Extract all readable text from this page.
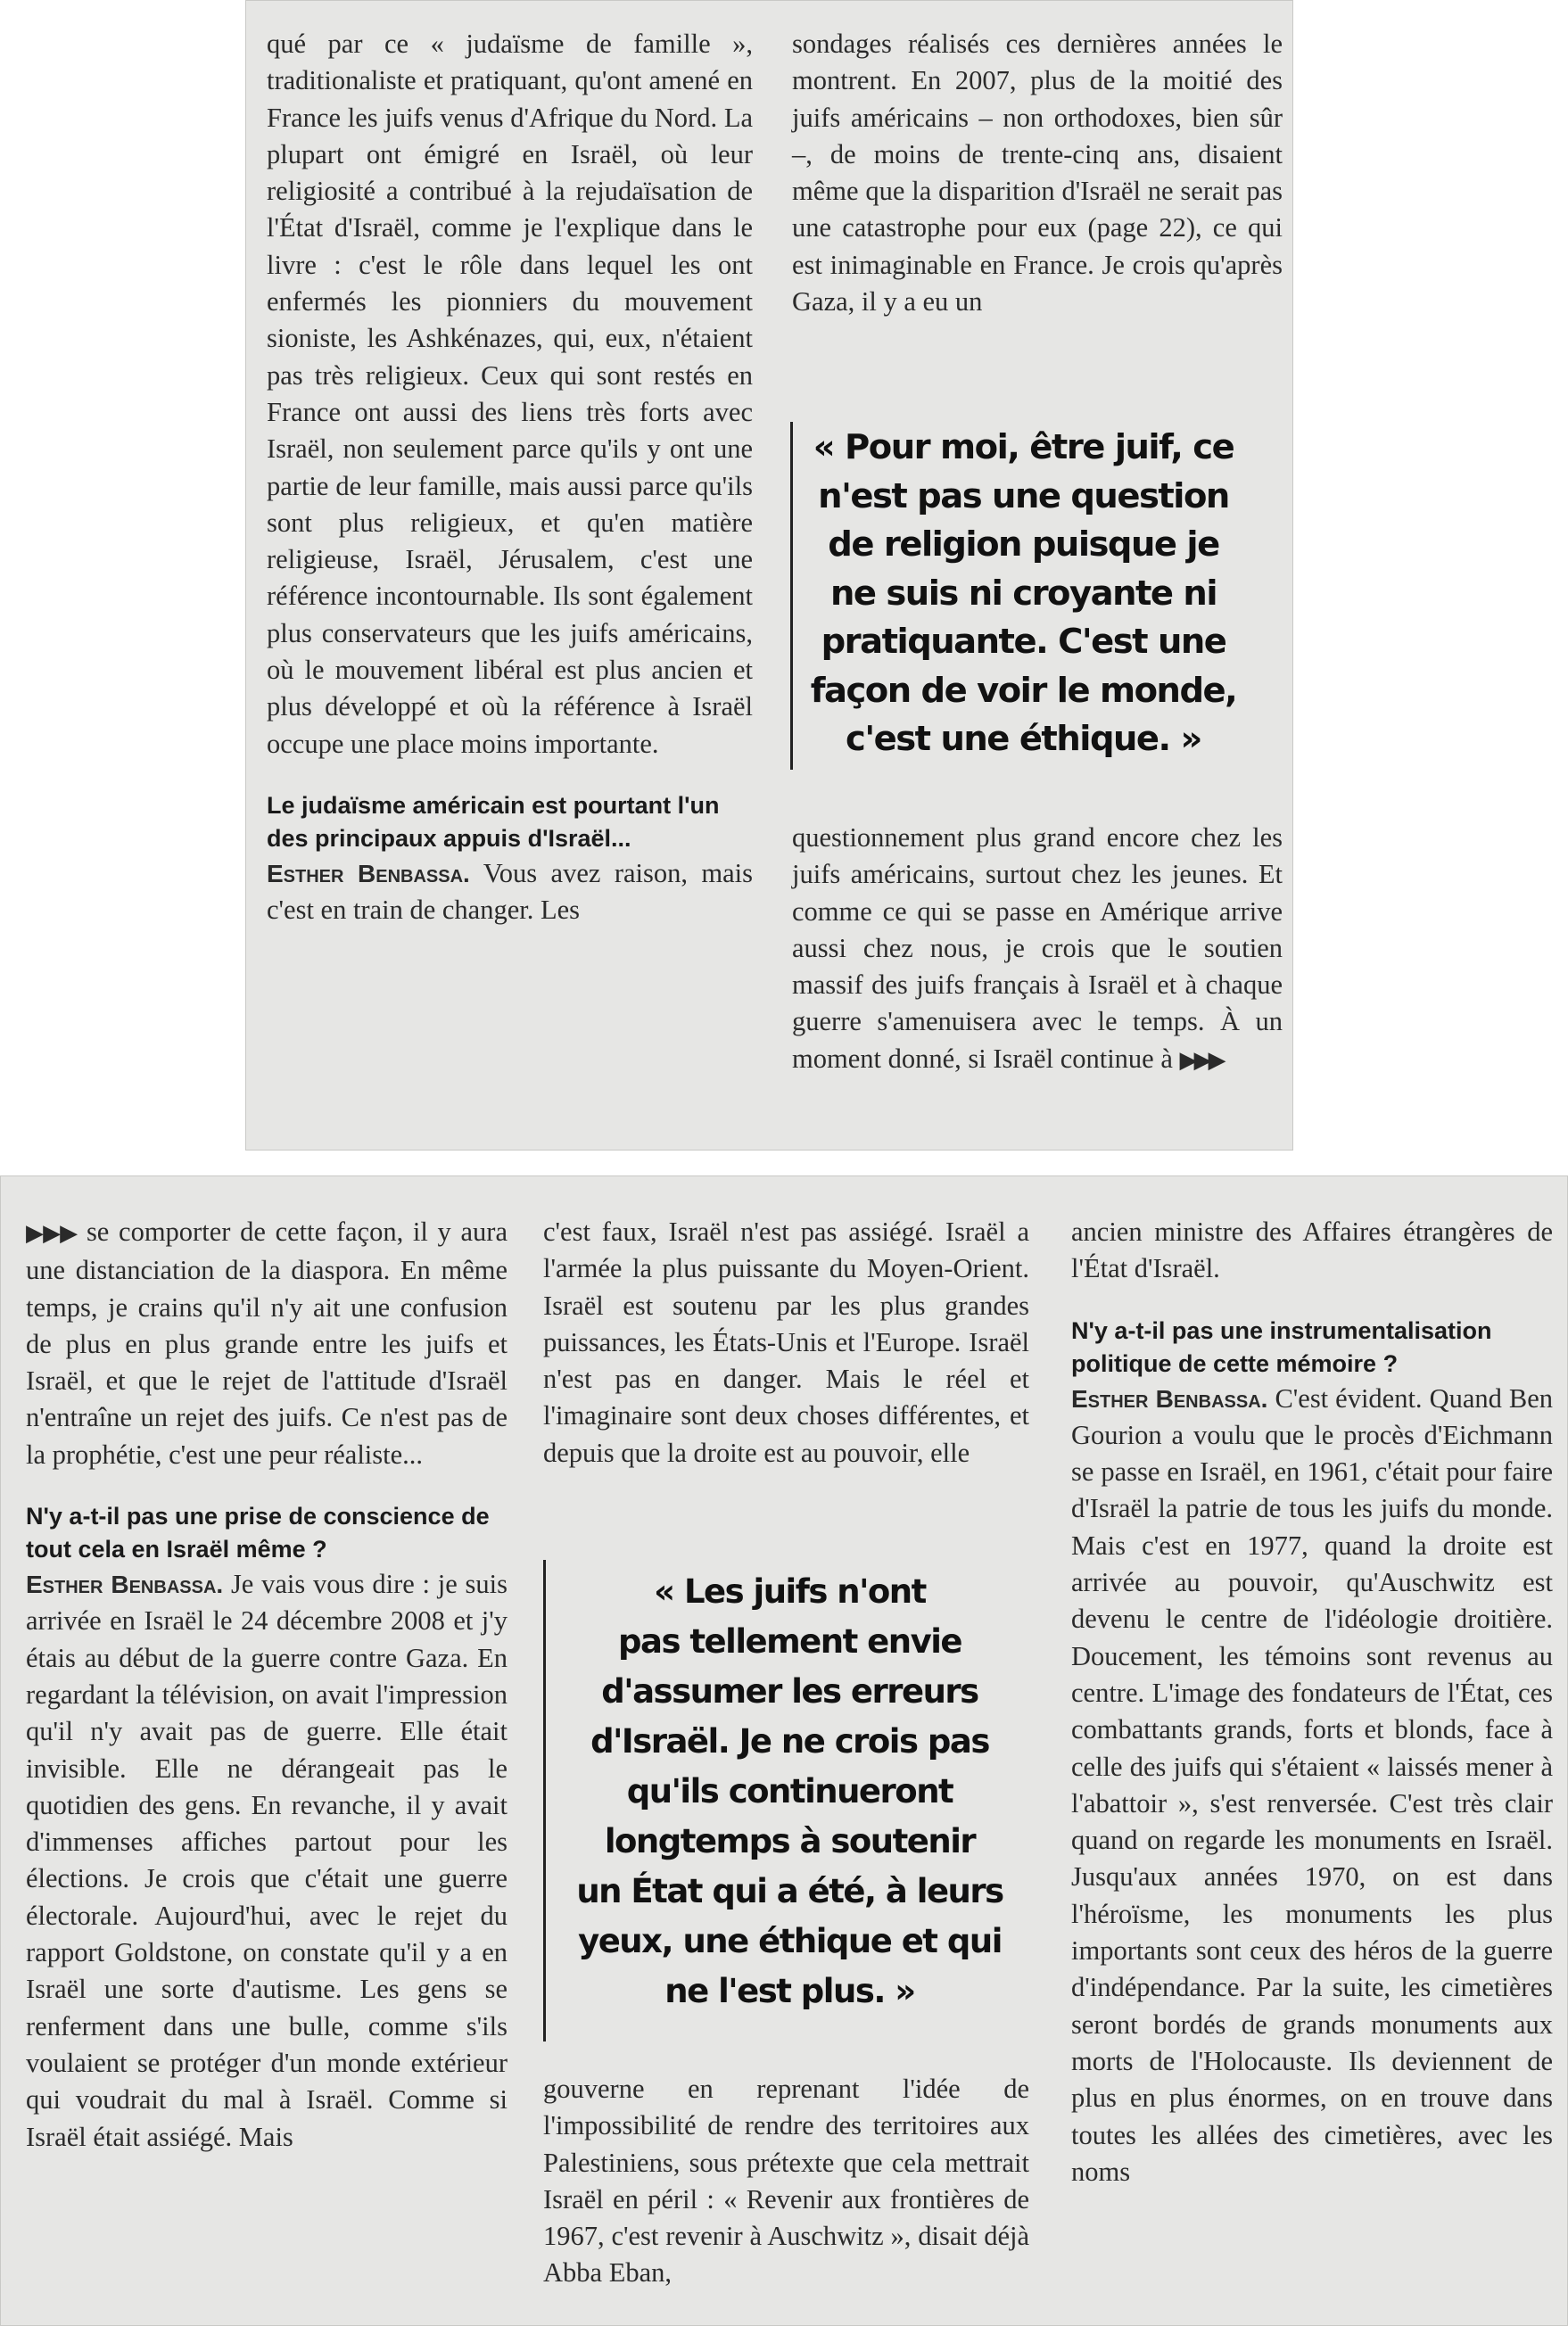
qué par ce « judaïsme de famille », traditionaliste et pratiquant, qu'ont amené en France les juifs venus d'Afrique du Nord. La plupart ont émigré en Israël, où leur religiosité a contribué à la rejudaïsation de l'État d'Israël, comme je l'explique dans le livre : c'est le rôle dans lequel les ont enfermés les pionniers du mouvement sioniste, les Ashkénazes, qui, eux, n'étaient pas très religieux. Ceux qui sont restés en France ont aussi des liens très forts avec Israël, non seulement parce qu'ils y ont une partie de leur famille, mais aussi parce qu'ils sont plus religieux, et qu'en matière religieuse, Israël, Jérusalem, c'est une référence incontournable. Ils sont également plus conservateurs que les juifs américains, où le mouvement libéral est plus ancien et plus développé et où la référence à Israël occupe une place moins importante.

Le judaïsme américain est pourtant l'un des principaux appuis d'Israël...

Esther Benbassa. Vous avez raison, mais c'est en train de changer. Les

sondages réalisés ces dernières années le montrent. En 2007, plus de la moitié des juifs américains – non orthodoxes, bien sûr –, de moins de trente-cinq ans, disaient même que la disparition d'Israël ne serait pas une catastrophe pour eux (page 22), ce qui est inimaginable en France. Je crois qu'après Gaza, il y a eu un

« Pour moi, être juif, ce
n'est pas une question
de religion puisque je
ne suis ni croyante ni
pratiquante. C'est une
façon de voir le monde,
c'est une éthique. »

questionnement plus grand encore chez les juifs américains, surtout chez les jeunes. Et comme ce qui se passe en Amérique arrive aussi chez nous, je crois que le soutien massif des juifs français à Israël et à chaque guerre s'amenuisera avec le temps. À un moment donné, si Israël continue à ▶▶▶

▶▶▶ se comporter de cette façon, il y aura une distanciation de la diaspora. En même temps, je crains qu'il n'y ait une confusion de plus en plus grande entre les juifs et Israël, et que le rejet de l'attitude d'Israël n'entraîne un rejet des juifs. Ce n'est pas de la prophétie, c'est une peur réaliste...

N'y a-t-il pas une prise de conscience de tout cela en Israël même ?

Esther Benbassa. Je vais vous dire : je suis arrivée en Israël le 24 décembre 2008 et j'y étais au début de la guerre contre Gaza. En regardant la télévision, on avait l'impression qu'il n'y avait pas de guerre. Elle était invisible. Elle ne dérangeait pas le quotidien des gens. En revanche, il y avait d'immenses affiches partout pour les élections. Je crois que c'était une guerre électorale. Aujourd'hui, avec le rejet du rapport Goldstone, on constate qu'il y a en Israël une sorte d'autisme. Les gens se renferment dans une bulle, comme s'ils voulaient se protéger d'un monde extérieur qui voudrait du mal à Israël. Comme si Israël était assiégé. Mais

c'est faux, Israël n'est pas assiégé. Israël a l'armée la plus puissante du Moyen-Orient. Israël est soutenu par les plus grandes puissances, les États-Unis et l'Europe. Israël n'est pas en danger. Mais le réel et l'imaginaire sont deux choses différentes, et depuis que la droite est au pouvoir, elle

« Les juifs n'ont
pas tellement envie
d'assumer les erreurs
d'Israël. Je ne crois pas
qu'ils continueront
longtemps à soutenir
un État qui a été, à leurs
yeux, une éthique et qui
ne l'est plus. »

gouverne en reprenant l'idée de l'impossibilité de rendre des territoires aux Palestiniens, sous prétexte que cela mettrait Israël en péril : « Revenir aux frontières de 1967, c'est revenir à Auschwitz », disait déjà Abba Eban,

ancien ministre des Affaires étrangères de l'État d'Israël.

N'y a-t-il pas une instrumentalisation politique de cette mémoire ?

Esther Benbassa. C'est évident. Quand Ben Gourion a voulu que le procès d'Eichmann se passe en Israël, en 1961, c'était pour faire d'Israël la patrie de tous les juifs du monde. Mais c'est en 1977, quand la droite est arrivée au pouvoir, qu'Auschwitz est devenu le centre de l'idéologie droitière. Doucement, les témoins sont revenus au centre. L'image des fondateurs de l'État, ces combattants grands, forts et blonds, face à celle des juifs qui s'étaient « laissés mener à l'abattoir », s'est renversée. C'est très clair quand on regarde les monuments en Israël. Jusqu'aux années 1970, on est dans l'héroïsme, les monuments les plus importants sont ceux des héros de la guerre d'indépendance. Par la suite, les cimetières seront bordés de grands monuments aux morts de l'Holocauste. Ils deviennent de plus en plus énormes, on en trouve dans toutes les allées des cimetières, avec les noms
